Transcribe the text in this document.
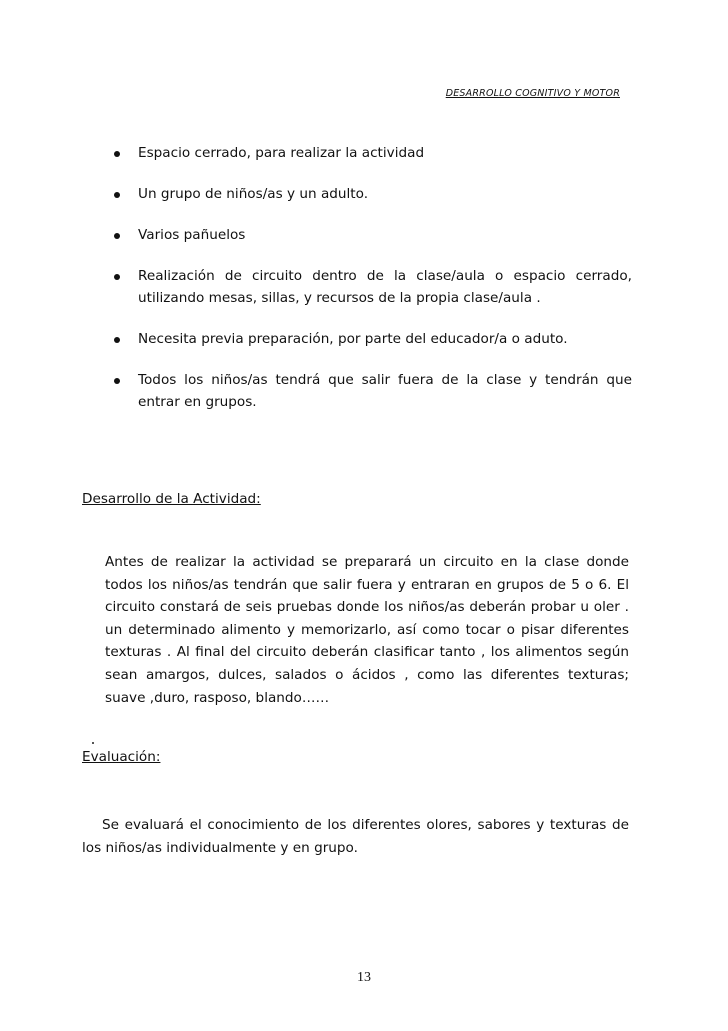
DESARROLLO COGNITIVO Y MOTOR
Espacio cerrado, para realizar la actividad
Un grupo de niños/as y un adulto.
Varios pañuelos
Realización de circuito dentro de la clase/aula o espacio cerrado, utilizando mesas, sillas, y recursos de la propia clase/aula .
Necesita previa preparación, por parte del educador/a o aduto.
Todos los niños/as tendrá que salir fuera de la clase y tendrán que entrar en grupos.
Desarrollo de la Actividad:

Antes de realizar la actividad se preparará un circuito en la clase donde todos los niños/as tendrán que salir fuera y entraran en grupos de 5 o 6. El circuito constará de seis pruebas donde los niños/as deberán probar u oler . un determinado alimento y memorizarlo, así como tocar o pisar diferentes texturas . Al final del circuito deberán clasificar tanto , los alimentos según sean amargos, dulces, salados o ácidos , como las diferentes texturas; suave ,duro, rasposo, blando……

Evaluación:

Se evaluará el conocimiento de los diferentes olores, sabores y texturas de los niños/as individualmente y en grupo.

13
